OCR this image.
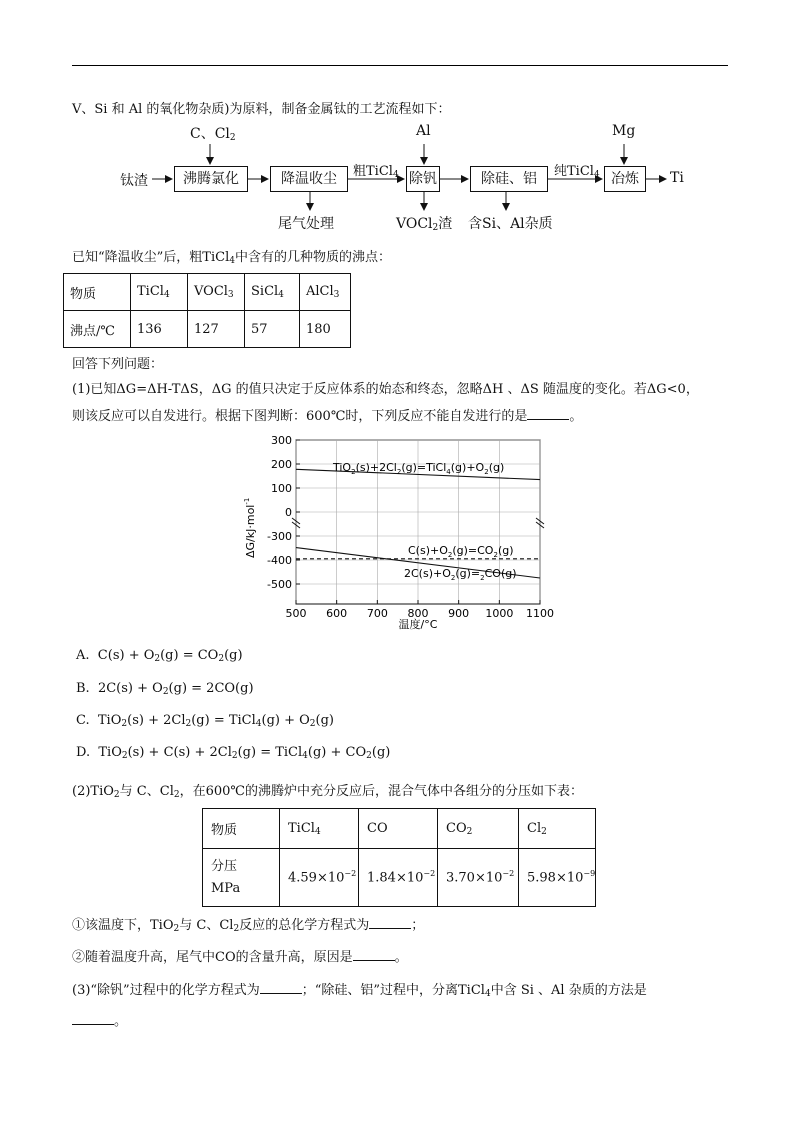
V、Si 和 Al 的氧化物杂质)为原料，制备金属钛的工艺流程如下：
钛渣	沸腾氯化	降温收尘	除钒	除硅、铝	冶炼	Ti
C、$Cl_2$	Al	Mg
粗TiCl$_4$	纯TiCl$_4$
尾气处理	VOCl$_2$渣 含Si、Al杂质
已知“降温收尘”后，粗TiCl$_4$中含有的几种物质的沸点：
物质	TiCl$_4$	VOCl$_3$	SiCl$_4$	AlCl$_3$
沸点/℃	136	127	57	180
回答下列问题：
(1)已知ΔG=ΔH-TΔS，ΔG 的值只决定于反应体系的始态和终态，忽略ΔH 、ΔS 随温度的变化。若ΔG<0，
则该反应可以自发进行。根据下图判断：600℃时，下列反应不能自发进行的是	。
300
200
100
0
-300
-400
-500
500 600 700 800 900 1000 1100
$TiO_2(s)+2Cl_2(g)=TiCl_4(g)+O_2(g)$
$C(s)+O_2(g)=CO_2(g)$
$2C(s)+O_2(g)=_2CO(g)$
ΔG/kJ·mol$^{-1}$
温度/°C
A. $C(s) + O_2(g) = CO_2(g)$
B. $2C(s) + O_2(g) = 2CO(g)$
C. $TiO_2(s) + 2Cl_2(g)$ = TiCl$_4$(g) + $O_2(g)$
D. $TiO_2(s) + C(s) + 2Cl_2(g)$ = TiCl$_4$(g) + $CO_2(g)$
(2)TiO$_2$与 C、$Cl_2$，在600℃的沸腾炉中充分反应后，混合气体中各组分的分压如下表：
物质	TiCl$_4$	CO	$CO_2$	$Cl_2$
分压
MPa	$4.59\times 10^{-2}$	$1.84\times 10^{-2}$	$3.70\times 10^{-2}$	$5.98\times 10^{-9}$
①该温度下，TiO$_2$与 C、$Cl_2$反应的总化学方程式为	；
②随着温度升高，尾气中CO的含量升高，原因是	。
(3)“除钒”过程中的化学方程式为	；“除硅、铝”过程中，分离TiCl$_4$中含 Si 、Al 杂质的方法是
。
